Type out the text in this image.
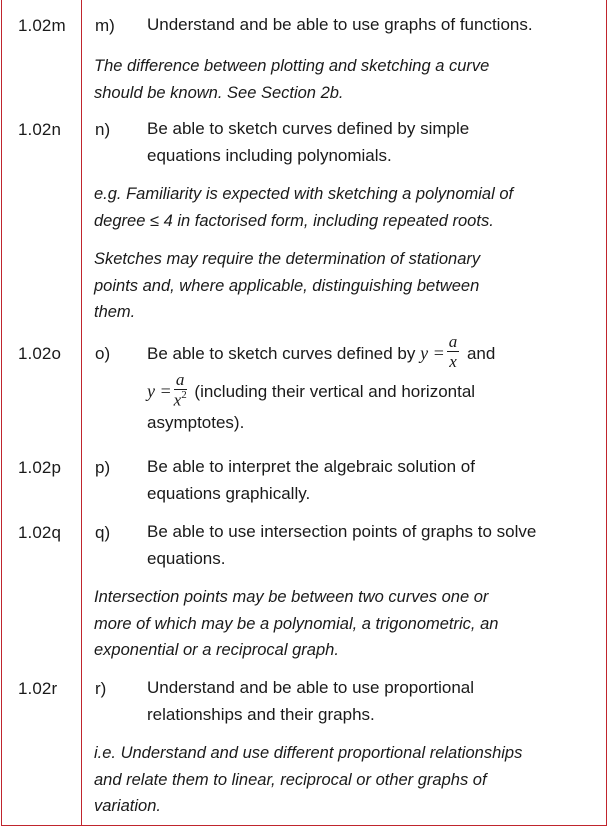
1.02m m) Understand and be able to use graphs of functions.
The difference between plotting and sketching a curve
should be known. See Section 2b.
1.02n n) Be able to sketch curves defined by simple
equations including polynomials.
e.g. Familiarity is expected with sketching a polynomial of
degree ≤ 4 in factorised form, including repeated roots.
Sketches may require the determination of stationary
points and, where applicable, distinguishing between
them.
1.02o o) Be able to sketch curves defined by $y = \frac{a}{x}$ and
$y = \frac{a}{x^2}$ (including their vertical and horizontal
asymptotes).
1.02p p) Be able to interpret the algebraic solution of
equations graphically.
1.02q q) Be able to use intersection points of graphs to solve
equations.
Intersection points may be between two curves one or
more of which may be a polynomial, a trigonometric, an
exponential or a reciprocal graph.
1.02r r) Understand and be able to use proportional
relationships and their graphs.
i.e. Understand and use different proportional relationships
and relate them to linear, reciprocal or other graphs of
variation.
